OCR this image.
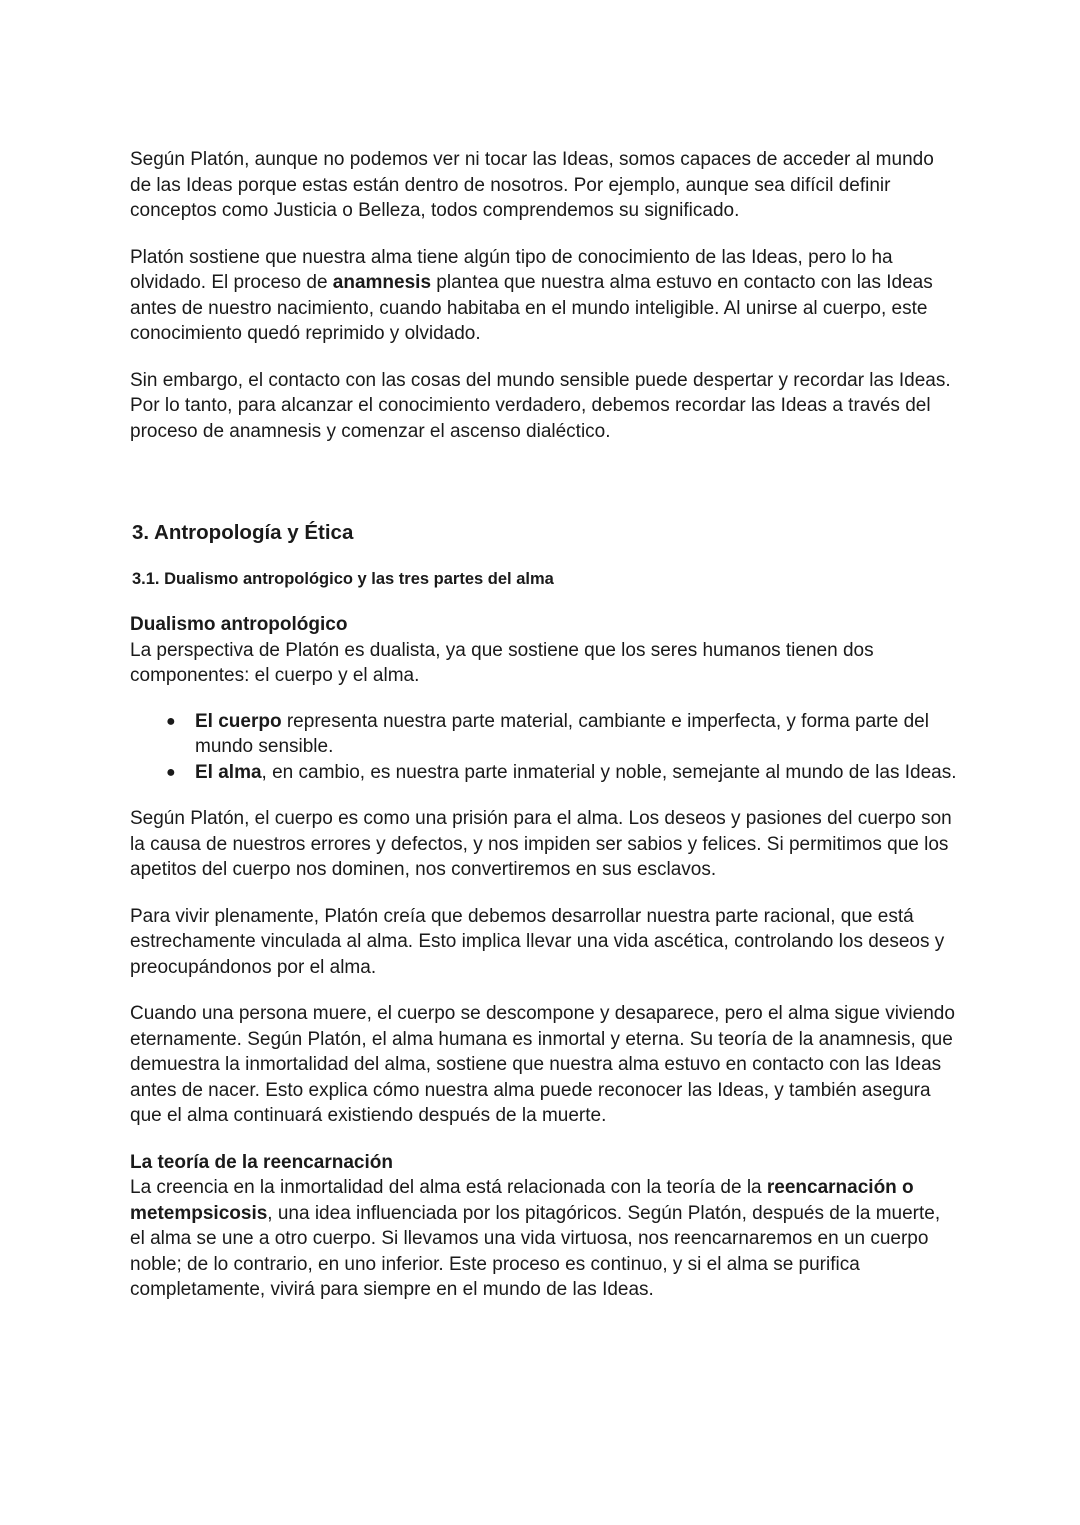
Según Platón, aunque no podemos ver ni tocar las Ideas, somos capaces de acceder al mundo de las Ideas porque estas están dentro de nosotros. Por ejemplo, aunque sea difícil definir conceptos como Justicia o Belleza, todos comprendemos su significado.

Platón sostiene que nuestra alma tiene algún tipo de conocimiento de las Ideas, pero lo ha olvidado. El proceso de anamnesis plantea que nuestra alma estuvo en contacto con las Ideas antes de nuestro nacimiento, cuando habitaba en el mundo inteligible. Al unirse al cuerpo, este conocimiento quedó reprimido y olvidado.

Sin embargo, el contacto con las cosas del mundo sensible puede despertar y recordar las Ideas. Por lo tanto, para alcanzar el conocimiento verdadero, debemos recordar las Ideas a través del proceso de anamnesis y comenzar el ascenso dialéctico.

3. Antropología y Ética
3.1. Dualismo antropológico y las tres partes del alma
Dualismo antropológico

La perspectiva de Platón es dualista, ya que sostiene que los seres humanos tienen dos componentes: el cuerpo y el alma.

● El cuerpo representa nuestra parte material, cambiante e imperfecta, y forma parte del mundo sensible.
● El alma, en cambio, es nuestra parte inmaterial y noble, semejante al mundo de las Ideas.

Según Platón, el cuerpo es como una prisión para el alma. Los deseos y pasiones del cuerpo son la causa de nuestros errores y defectos, y nos impiden ser sabios y felices. Si permitimos que los apetitos del cuerpo nos dominen, nos convertiremos en sus esclavos.

Para vivir plenamente, Platón creía que debemos desarrollar nuestra parte racional, que está estrechamente vinculada al alma. Esto implica llevar una vida ascética, controlando los deseos y preocupándonos por el alma.

Cuando una persona muere, el cuerpo se descompone y desaparece, pero el alma sigue viviendo eternamente. Según Platón, el alma humana es inmortal y eterna. Su teoría de la anamnesis, que demuestra la inmortalidad del alma, sostiene que nuestra alma estuvo en contacto con las Ideas antes de nacer. Esto explica cómo nuestra alma puede reconocer las Ideas, y también asegura que el alma continuará existiendo después de la muerte.

La teoría de la reencarnación

La creencia en la inmortalidad del alma está relacionada con la teoría de la reencarnación o metempsicosis, una idea influenciada por los pitagóricos. Según Platón, después de la muerte, el alma se une a otro cuerpo. Si llevamos una vida virtuosa, nos reencarnaremos en un cuerpo noble; de lo contrario, en uno inferior. Este proceso es continuo, y si el alma se purifica completamente, vivirá para siempre en el mundo de las Ideas.
